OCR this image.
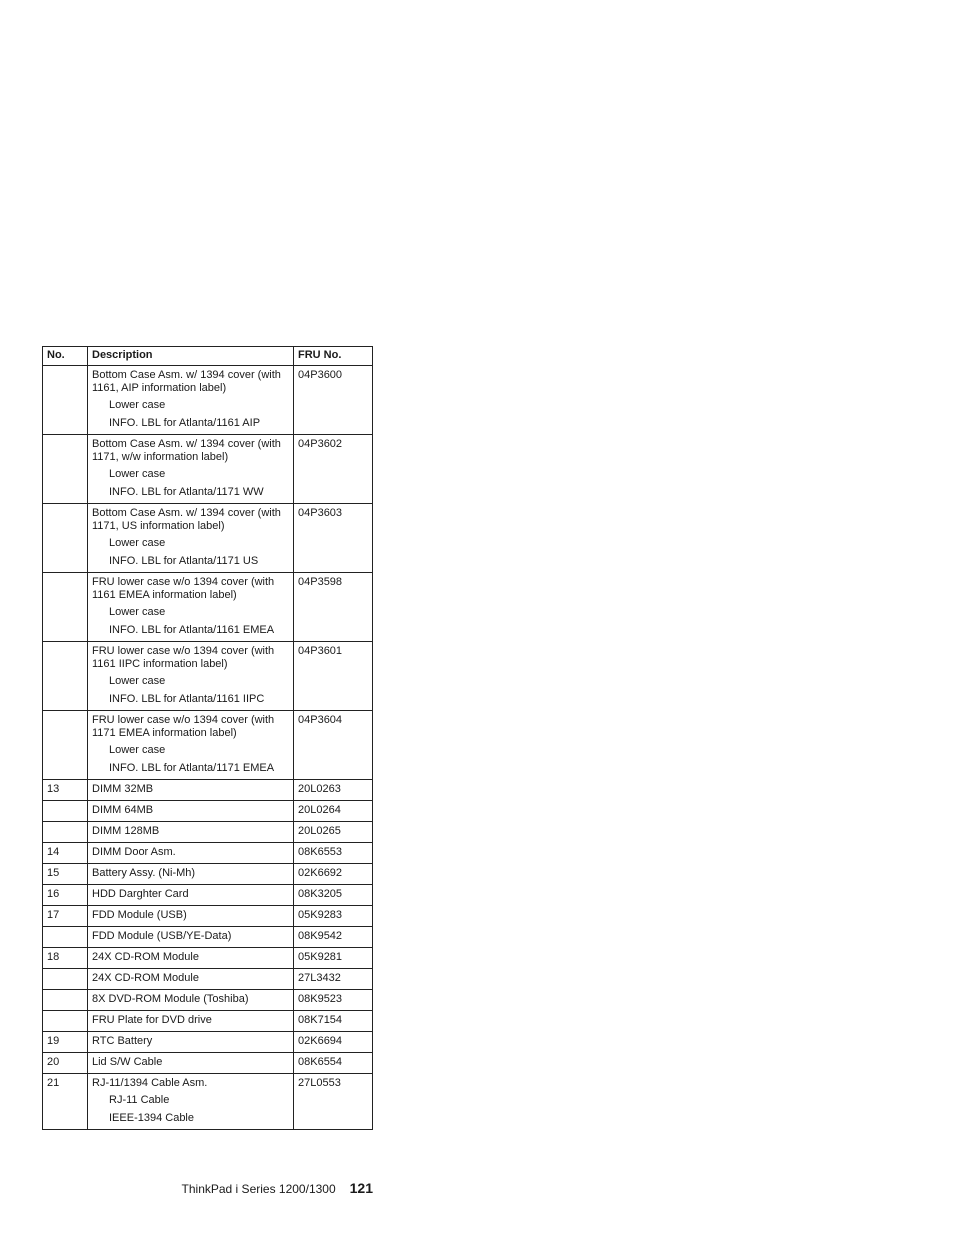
No.	Description	FRU No.

	Bottom Case Asm. w/ 1394 cover (with 1161, AIP information label)
Lower case
INFO. LBL for Atlanta/1161 AIP	04P3600

	Bottom Case Asm. w/ 1394 cover (with 1171, w/w information label)
Lower case
INFO. LBL for Atlanta/1171 WW	04P3602

	Bottom Case Asm. w/ 1394 cover (with 1171, US information label)
Lower case
INFO. LBL for Atlanta/1171 US	04P3603

	FRU lower case w/o 1394 cover (with 1161 EMEA information label)
Lower case
INFO. LBL for Atlanta/1161 EMEA	04P3598

	FRU lower case w/o 1394 cover (with 1161 IIPC information label)
Lower case
INFO. LBL for Atlanta/1161 IIPC	04P3601

	FRU lower case w/o 1394 cover (with 1171 EMEA information label)
Lower case
INFO. LBL for Atlanta/1171 EMEA	04P3604
13	DIMM 32MB	20L0263

	DIMM 64MB	20L0264

	DIMM 128MB	20L0265
14	DIMM Door Asm.	08K6553
15	Battery Assy. (Ni-Mh)	02K6692
16	HDD Darghter Card	08K3205
17	FDD Module (USB)	05K9283

	FDD Module (USB/YE-Data)	08K9542
18	24X CD-ROM Module	05K9281

	24X CD-ROM Module	27L3432

	8X DVD-ROM Module (Toshiba)	08K9523

	FRU Plate for DVD drive	08K7154
19	RTC Battery	02K6694
20	Lid S/W Cable	08K6554
21	RJ-11/1394 Cable Asm.
RJ-11 Cable
IEEE-1394 Cable	27L0553
ThinkPad i Series 1200/1300 121
